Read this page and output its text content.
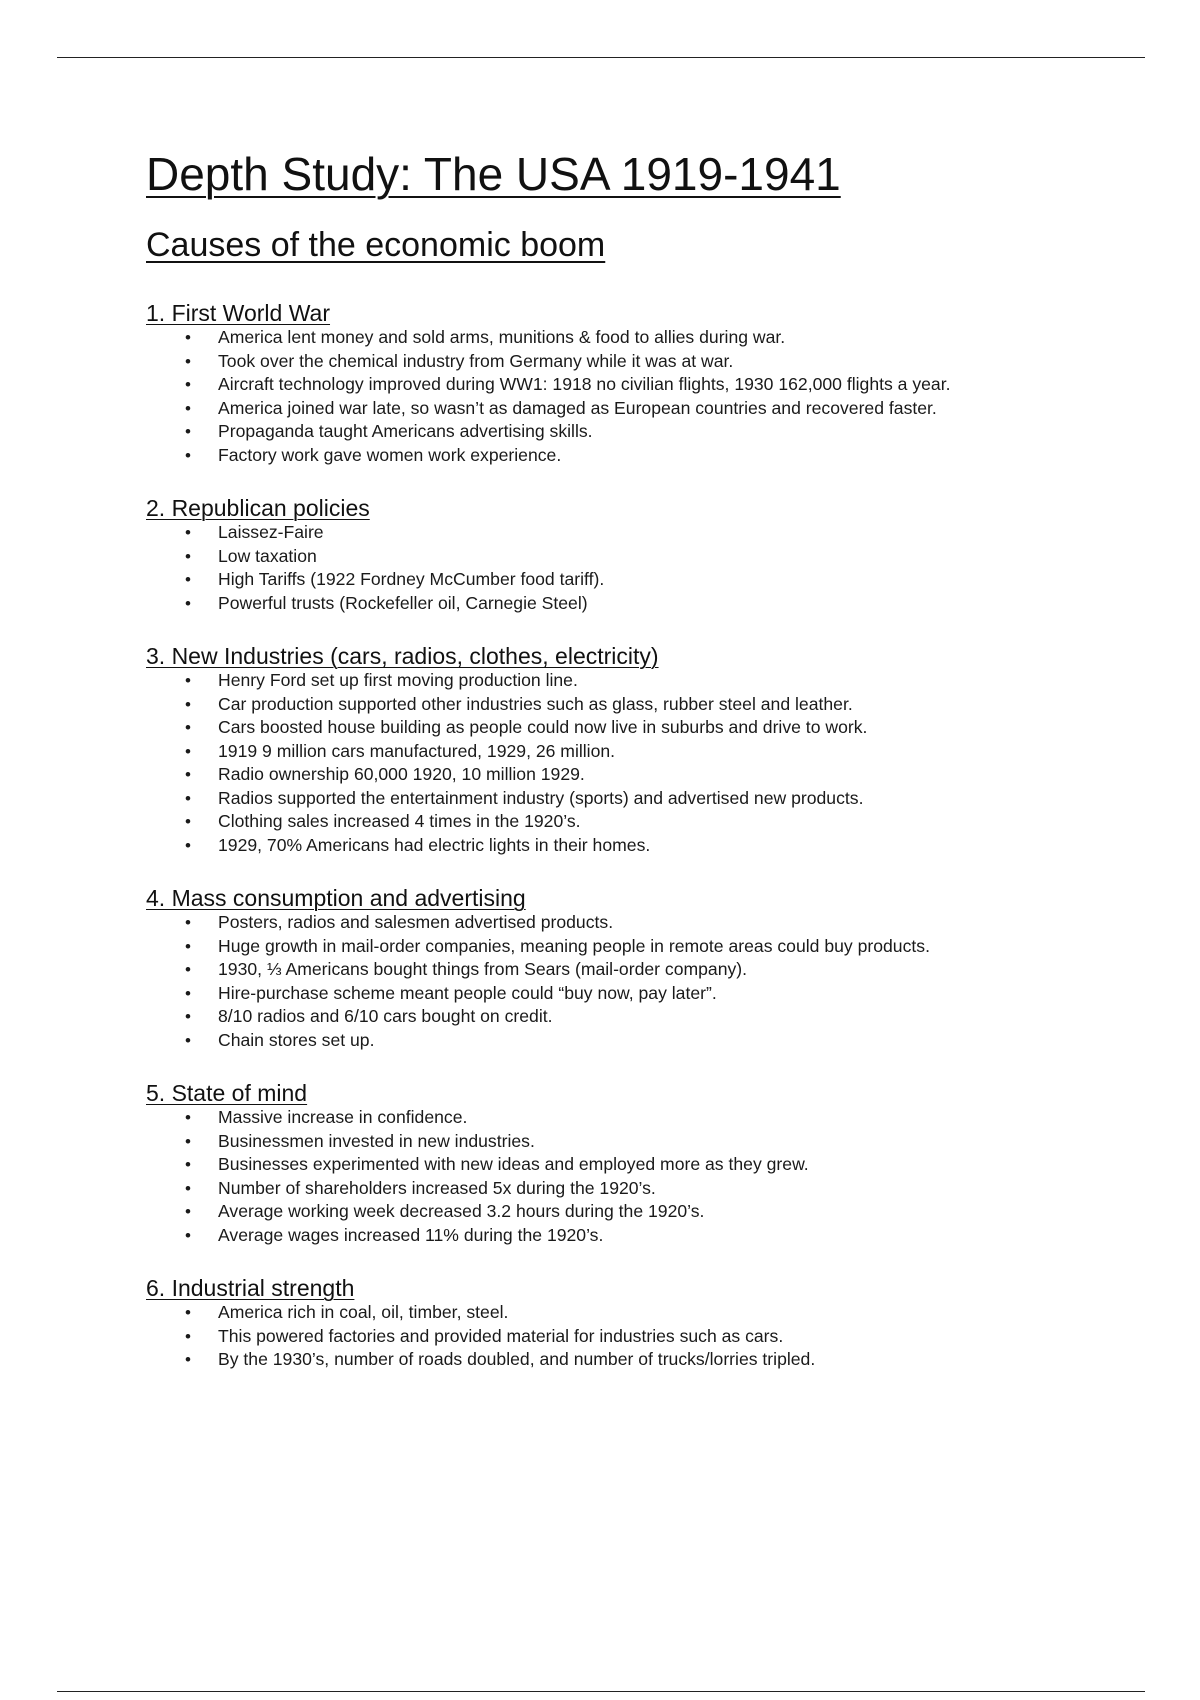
Depth Study: The USA 1919-1941
Causes of the economic boom
1. First World War
• America lent money and sold arms, munitions & food to allies during war.
• Took over the chemical industry from Germany while it was at war.
• Aircraft technology improved during WW1: 1918 no civilian flights, 1930 162,000 flights a year.
• America joined war late, so wasn’t as damaged as European countries and recovered faster.
• Propaganda taught Americans advertising skills.
• Factory work gave women work experience.
2. Republican policies
• Laissez-Faire
• Low taxation
• High Tariffs (1922 Fordney McCumber food tariff).
• Powerful trusts (Rockefeller oil, Carnegie Steel)
3. New Industries (cars, radios, clothes, electricity)
• Henry Ford set up first moving production line.
• Car production supported other industries such as glass, rubber steel and leather.
• Cars boosted house building as people could now live in suburbs and drive to work.
• 1919 9 million cars manufactured, 1929, 26 million.
• Radio ownership 60,000 1920, 10 million 1929.
• Radios supported the entertainment industry (sports) and advertised new products.
• Clothing sales increased 4 times in the 1920’s.
• 1929, 70% Americans had electric lights in their homes.
4. Mass consumption and advertising
• Posters, radios and salesmen advertised products.
• Huge growth in mail-order companies, meaning people in remote areas could buy products.
• 1930, ⅓ Americans bought things from Sears (mail-order company).
• Hire-purchase scheme meant people could “buy now, pay later”.
• 8/10 radios and 6/10 cars bought on credit.
• Chain stores set up.
5. State of mind
• Massive increase in confidence.
• Businessmen invested in new industries.
• Businesses experimented with new ideas and employed more as they grew.
• Number of shareholders increased 5x during the 1920’s.
• Average working week decreased 3.2 hours during the 1920’s.
• Average wages increased 11% during the 1920’s.
6. Industrial strength
• America rich in coal, oil, timber, steel.
• This powered factories and provided material for industries such as cars.
• By the 1930’s, number of roads doubled, and number of trucks/lorries tripled.
